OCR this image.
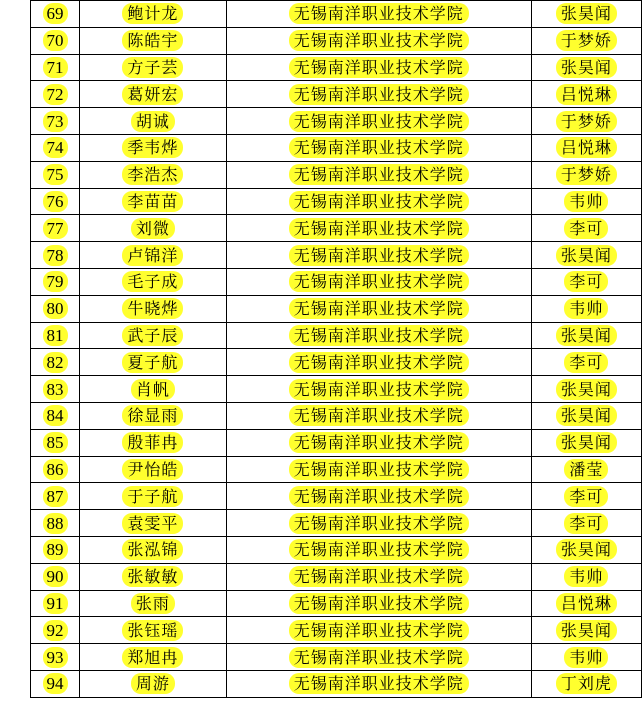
69	鲍计龙	无锡南洋职业技术学院	张昊闻
70	陈皓宇	无锡南洋职业技术学院	于梦娇
71	方子芸	无锡南洋职业技术学院	张昊闻
72	葛妍宏	无锡南洋职业技术学院	吕悦琳
73	胡诚	无锡南洋职业技术学院	于梦娇
74	季韦烨	无锡南洋职业技术学院	吕悦琳
75	李浩杰	无锡南洋职业技术学院	于梦娇
76	李苗苗	无锡南洋职业技术学院	韦帅
77	刘微	无锡南洋职业技术学院	李可
78	卢锦洋	无锡南洋职业技术学院	张昊闻
79	毛子成	无锡南洋职业技术学院	李可
80	牛晓烨	无锡南洋职业技术学院	韦帅
81	武子辰	无锡南洋职业技术学院	张昊闻
82	夏子航	无锡南洋职业技术学院	李可
83	肖帆	无锡南洋职业技术学院	张昊闻
84	徐显雨	无锡南洋职业技术学院	张昊闻
85	殷菲冉	无锡南洋职业技术学院	张昊闻
86	尹怡皓	无锡南洋职业技术学院	潘莹
87	于子航	无锡南洋职业技术学院	李可
88	袁雯平	无锡南洋职业技术学院	李可
89	张泓锦	无锡南洋职业技术学院	张昊闻
90	张敏敏	无锡南洋职业技术学院	韦帅
91	张雨	无锡南洋职业技术学院	吕悦琳
92	张钰瑶	无锡南洋职业技术学院	张昊闻
93	郑旭冉	无锡南洋职业技术学院	韦帅
94	周游	无锡南洋职业技术学院	丁刘虎
